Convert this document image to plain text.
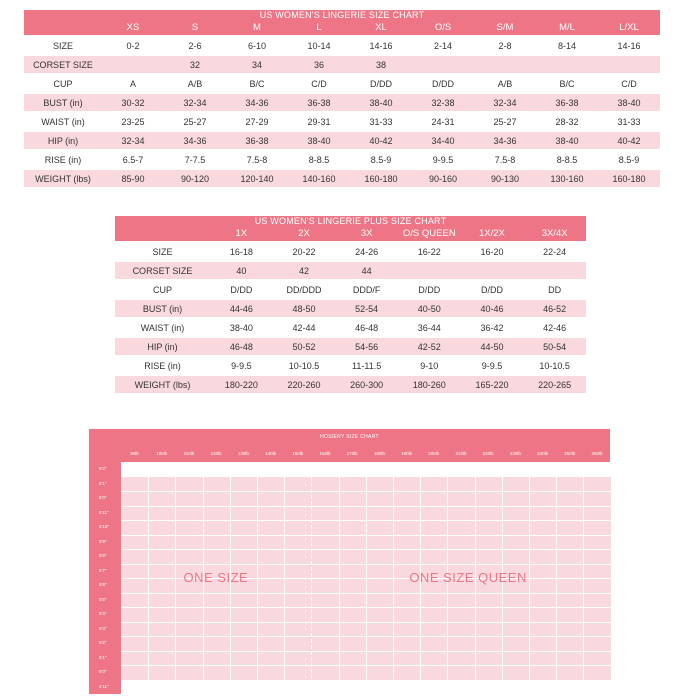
US WOMEN'S LINGERIE SIZE CHART									
	XS	S	M	L	XL	O/S	S/M	M/L	L/XL
SIZE	0-2	2-6	6-10	10-14	14-16	2-14	2-8	8-14	14-16
CORSET SIZE		32	34	36	38				
CUP	A	A/B	B/C	C/D	D/DD	D/DD	A/B	B/C	C/D
BUST (in)	30-32	32-34	34-36	36-38	38-40	32-38	32-34	36-38	38-40
WAIST (in)	23-25	25-27	27-29	29-31	31-33	24-31	25-27	28-32	31-33
HIP (in)	32-34	34-36	36-38	38-40	40-42	34-40	34-36	38-40	40-42
RISE (in)	6.5-7	7-7.5	7.5-8	8-8.5	8.5-9	9-9.5	7.5-8	8-8.5	8.5-9
WEIGHT (lbs)	85-90	90-120	120-140	140-160	160-180	90-160	90-130	130-160	160-180
US WOMEN'S LINGERIE PLUS SIZE CHART						
	1X	2X	3X	O/S QUEEN	1X/2X	3X/4X
SIZE	16-18	20-22	24-26	16-22	16-20	22-24
CORSET SIZE	40	42	44			
CUP	D/DD	DD/DDD	DDD/F	D/DD	D/DD	DD
BUST (in)	44-46	48-50	52-54	40-50	40-46	46-52
WAIST (in)	38-40	42-44	46-48	36-44	36-42	42-46
HIP (in)	46-48	50-52	54-56	42-52	44-50	50-54
RISE (in)	9-9.5	10-10.5	11-11.5	9-10	9-9.5	10-10.5
WEIGHT (lbs)	180-220	220-260	260-300	180-260	165-220	220-265
HOSIERY SIZE CHART
90lb	100lb	110lb	120lb	130lb	140lb	150lb	160lb	170lb	180lb	190lb	200lb	210lb	220lb	230lb	240lb	250lb	260lb
6'2"
6'1"
6'0"
5'11"
5'10"
5'9"
5'8"
5'7"
5'6"
5'5"
5'4"
5'3"
5'2"
5'1"
5'0"
4'11"
ONE SIZE	ONE SIZE QUEEN
